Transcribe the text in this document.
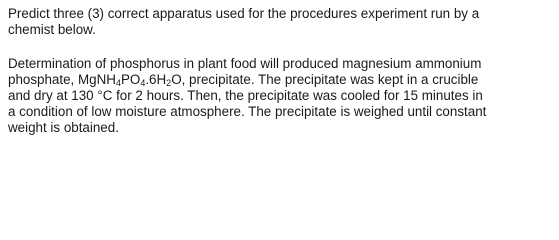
Predict three (3) correct apparatus used for the procedures experiment run by a
chemist below.

Determination of phosphorus in plant food will produced magnesium ammonium
phosphate, $MgNH_4PO_4.6H_2O$, precipitate. The precipitate was kept in a crucible
and dry at 130 °C for 2 hours. Then, the precipitate was cooled for 15 minutes in
a condition of low moisture atmosphere. The precipitate is weighed until constant
weight is obtained.
